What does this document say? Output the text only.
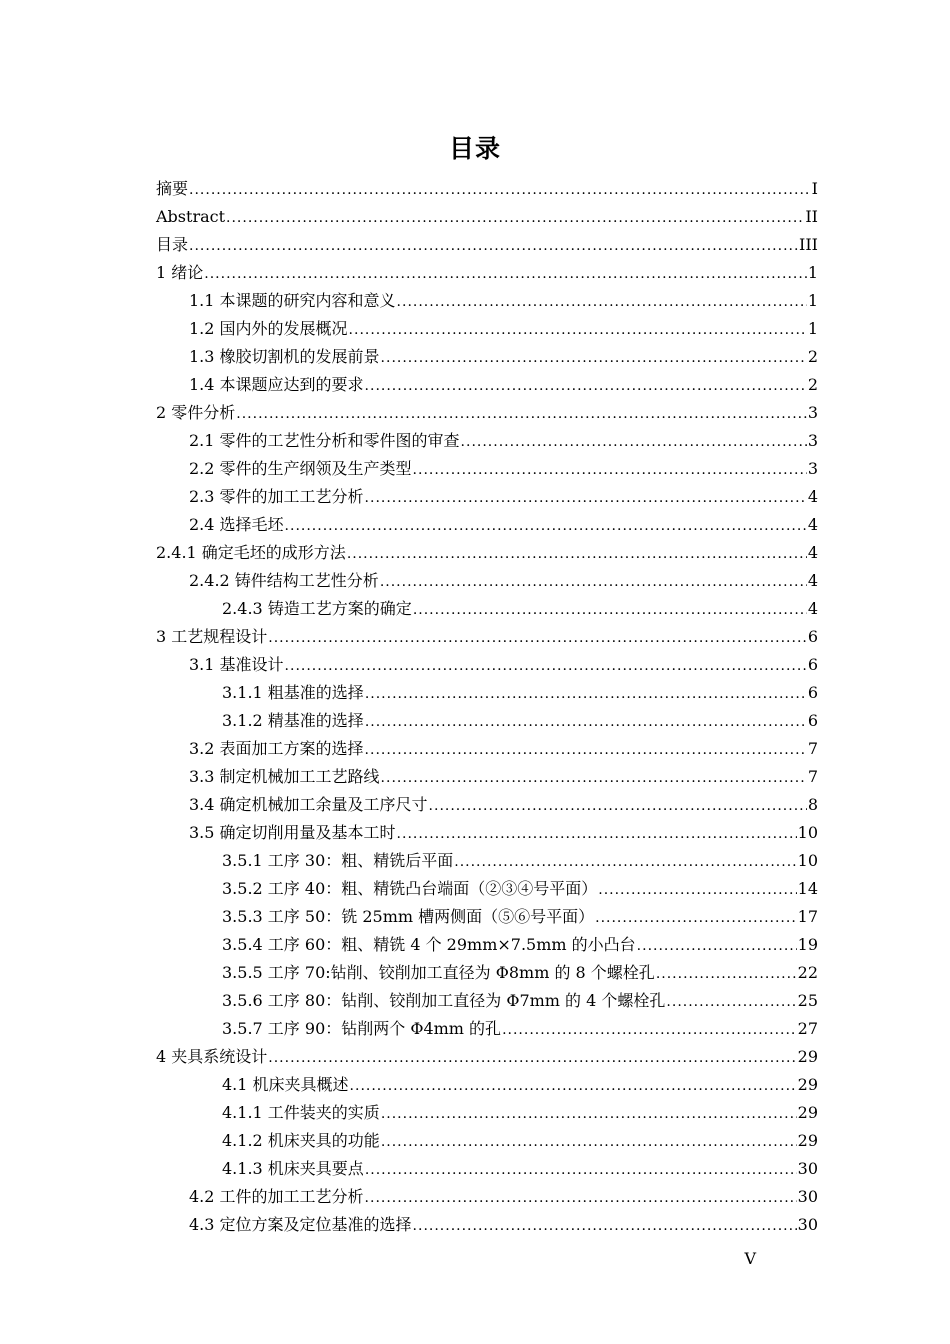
目录
摘要 .....	I
Abstract .....	II
目录 .....	III
1 绪论 .....	1
1.1 本课题的研究内容和意义 .....	1
1.2 国内外的发展概况 .....	1
1.3 橡胶切割机的发展前景 .....	2
1.4 本课题应达到的要求 .....	2
2 零件分析 .....	3
2.1 零件的工艺性分析和零件图的审查 .....	3
2.2 零件的生产纲领及生产类型 .....	3
2.3 零件的加工工艺分析 .....	4
2.4 选择毛坯 .....	4
2.4.1 确定毛坯的成形方法 .....	4
2.4.2 铸件结构工艺性分析 .....	4
2.4.3 铸造工艺方案的确定 .....	4
3 工艺规程设计 .....	6
3.1 基准设计 .....	6
3.1.1 粗基准的选择 .....	6
3.1.2 精基准的选择 .....	6
3.2 表面加工方案的选择 .....	7
3.3 制定机械加工工艺路线 .....	7
3.4 确定机械加工余量及工序尺寸 .....	8
3.5 确定切削用量及基本工时 .....	10
3.5.1 工序 30：粗、精铣后平面 .....	10
3.5.2 工序 40：粗、精铣凸台端面（②③④号平面） .....	14
3.5.3 工序 50：铣 25mm 槽两侧面（⑤⑥号平面） .....	17
3.5.4 工序 60：粗、精铣 4 个 29mm×7.5mm 的小凸台 .....	19
3.5.5 工序 70:钻削、铰削加工直径为 Φ8mm 的 8 个螺栓孔 .....	22
3.5.6 工序 80：钻削、铰削加工直径为 Φ7mm 的 4 个螺栓孔 .....	25
3.5.7 工序 90：钻削两个 Φ4mm 的孔 .....	27
4 夹具系统设计 .....	29
4.1 机床夹具概述 .....	29
4.1.1 工件装夹的实质 .....	29
4.1.2 机床夹具的功能 .....	29
4.1.3 机床夹具要点 .....	30
4.2 工件的加工工艺分析 .....	30
4.3 定位方案及定位基准的选择 .....	30
V
